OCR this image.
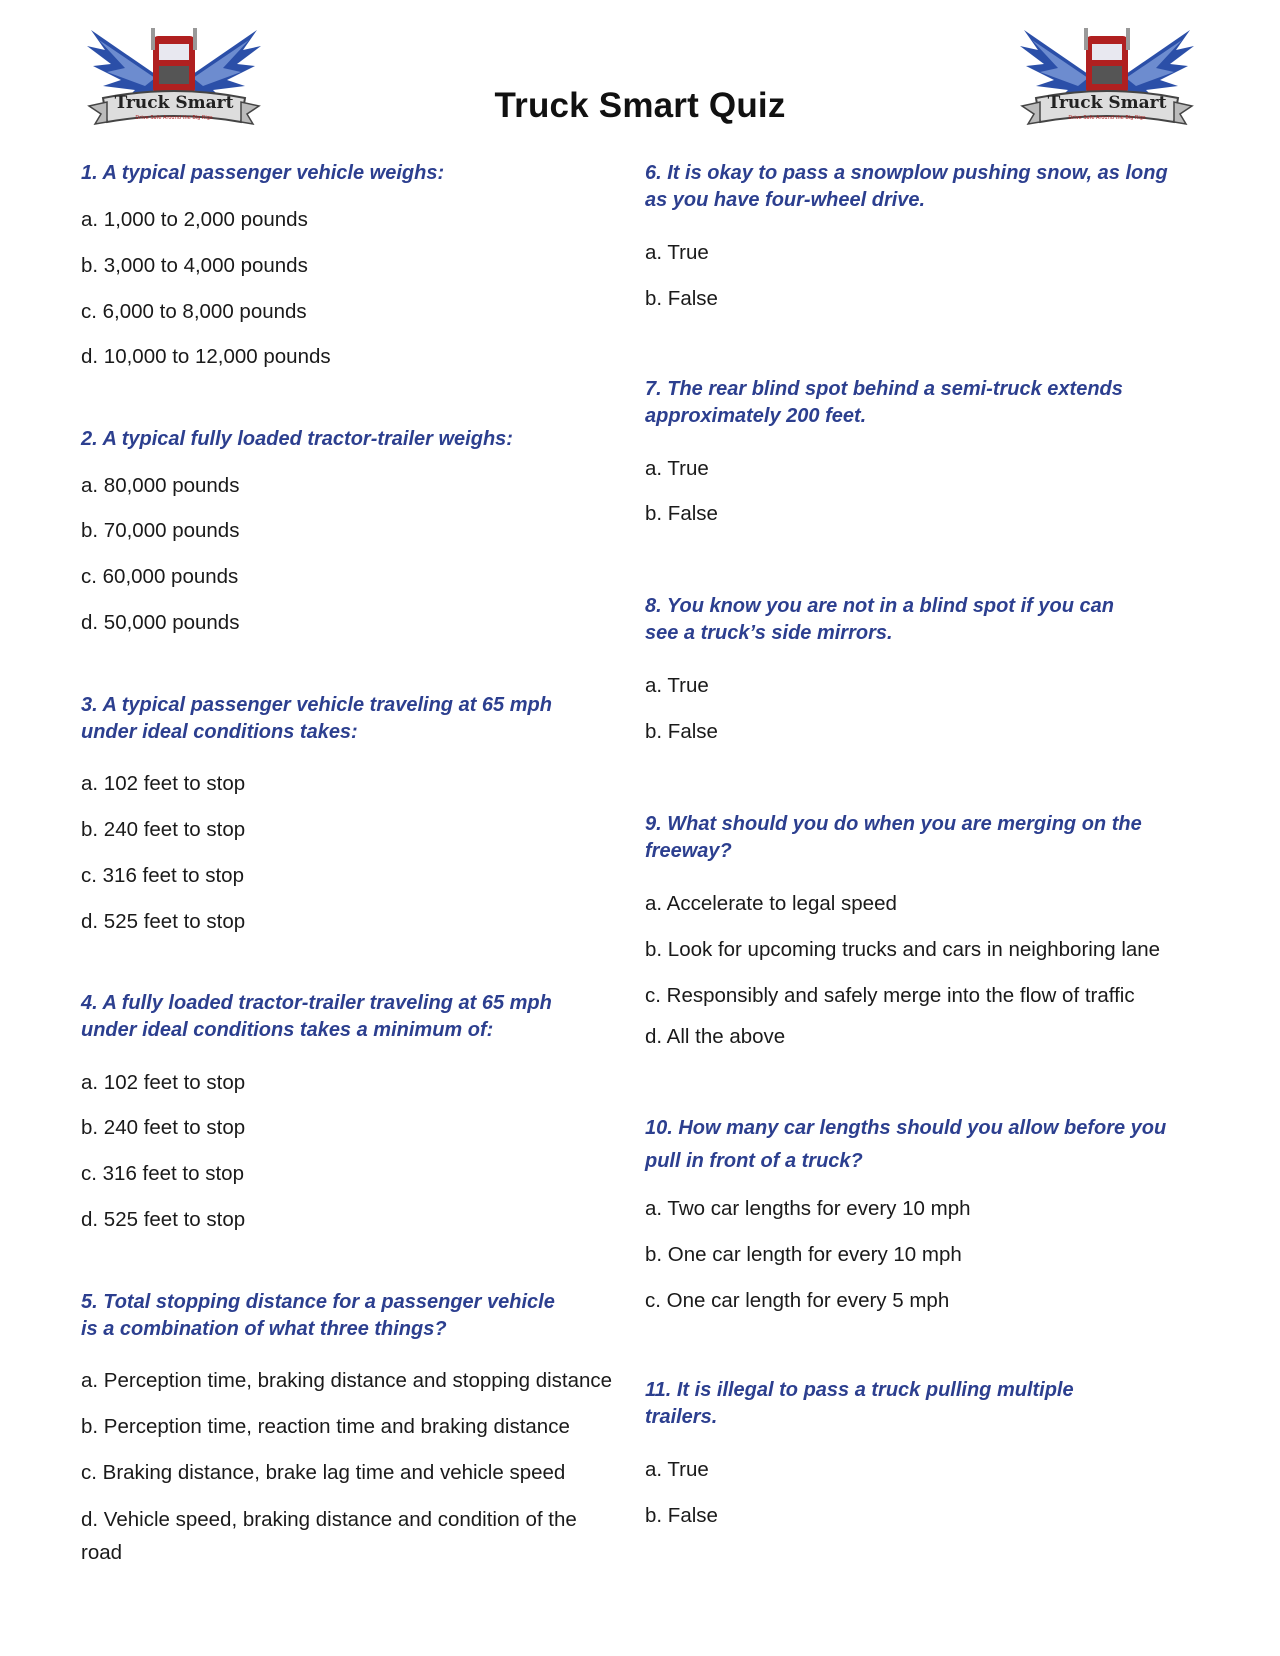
Truck Smart
Drive Safe Around the Big Rigs
Truck Smart
Drive Safe Around the Big Rigs
Truck Smart Quiz
1. A typical passenger vehicle weighs:
a. 1,000 to 2,000 pounds
b. 3,000 to 4,000 pounds
c. 6,000 to 8,000 pounds
d. 10,000 to 12,000 pounds
2. A typical fully loaded tractor-trailer weighs:
a. 80,000 pounds
b. 70,000 pounds
c. 60,000 pounds
d. 50,000 pounds
3. A typical passenger vehicle traveling at 65 mph
under ideal conditions takes:
a. 102 feet to stop
b. 240 feet to stop
c. 316 feet to stop
d. 525 feet to stop
4. A fully loaded tractor-trailer traveling at 65 mph
under ideal conditions takes a minimum of:
a. 102 feet to stop
b. 240 feet to stop
c. 316 feet to stop
d. 525 feet to stop
5. Total stopping distance for a passenger vehicle
is a combination of what three things?
a. Perception time, braking distance and stopping distance
b. Perception time, reaction time and braking distance
c. Braking distance, brake lag time and vehicle speed
d. Vehicle speed, braking distance and condition of the road
6. It is okay to pass a snowplow pushing snow, as long
as you have four-wheel drive.
a. True
b. False
7. The rear blind spot behind a semi-truck extends
approximately 200 feet.
a. True
b. False
8. You know you are not in a blind spot if you can
see a truck’s side mirrors.
a. True
b. False
9. What should you do when you are merging on the
freeway?
a. Accelerate to legal speed
b. Look for upcoming trucks and cars in neighboring lane
c. Responsibly and safely merge into the flow of traffic
d. All the above
10. How many car lengths should you allow before you
pull in front of a truck?
a. Two car lengths for every 10 mph
b. One car length for every 10 mph
c. One car length for every 5 mph
11. It is illegal to pass a truck pulling multiple
trailers.
a. True
b. False
